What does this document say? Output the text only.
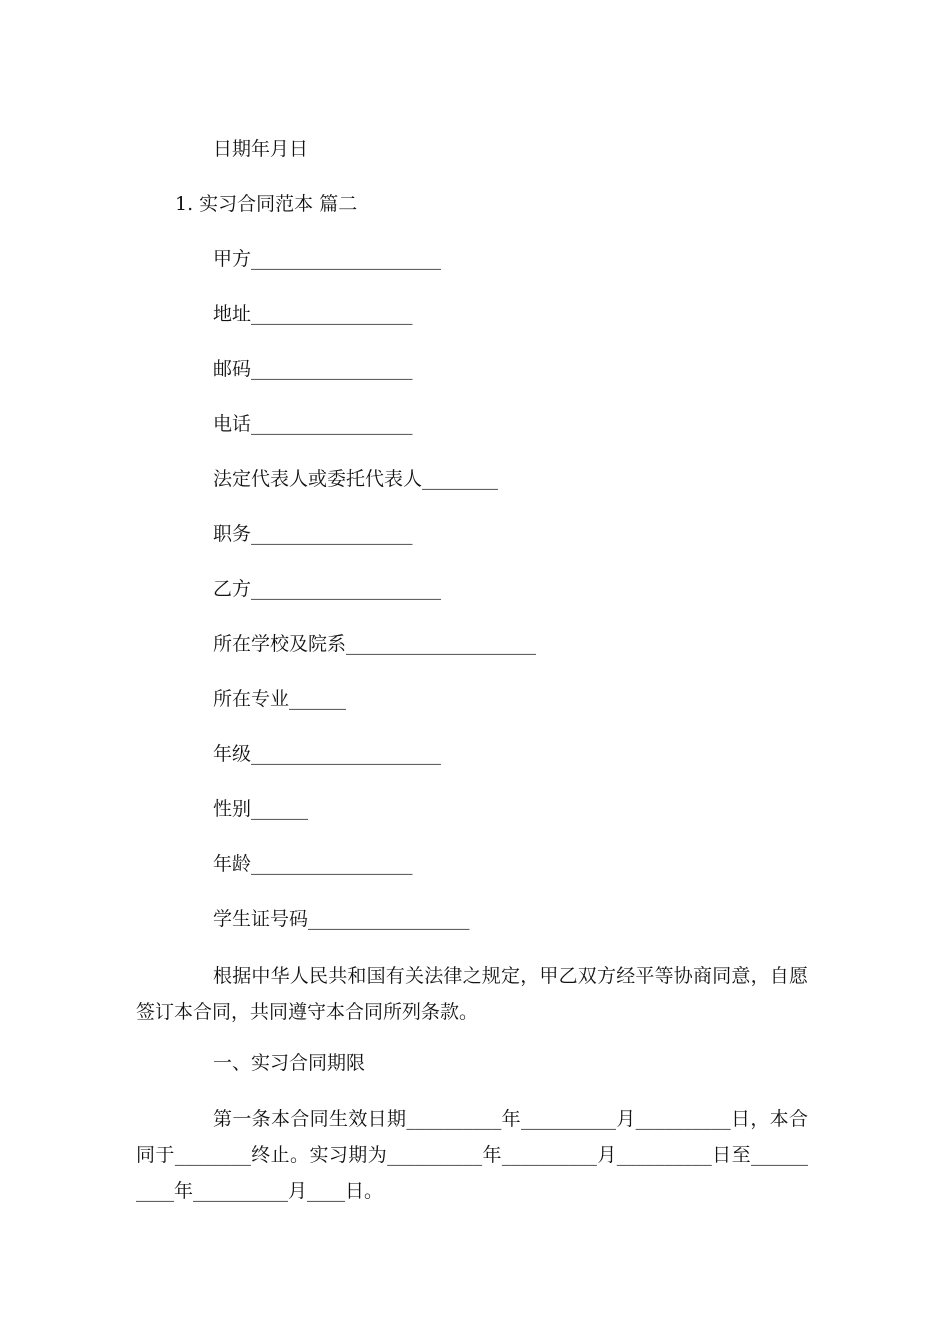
日期年月日
1. 实习合同范本 篇二
甲方____________________
地址_________________
邮码_________________
电话_________________
法定代表人或委托代表人________
职务_________________
乙方____________________
所在学校及院系____________________
所在专业______
年级____________________
性别______
年龄_________________
学生证号码_________________

根据中华人民共和国有关法律之规定，甲乙双方经平等协商同意，自愿

签订本合同，共同遵守本合同所列条款。

一、实习合同期限

第一条本合同生效日期__________年__________月__________日，本合

同于________终止。实习期为__________年__________月__________日至______

____年__________月____日。
